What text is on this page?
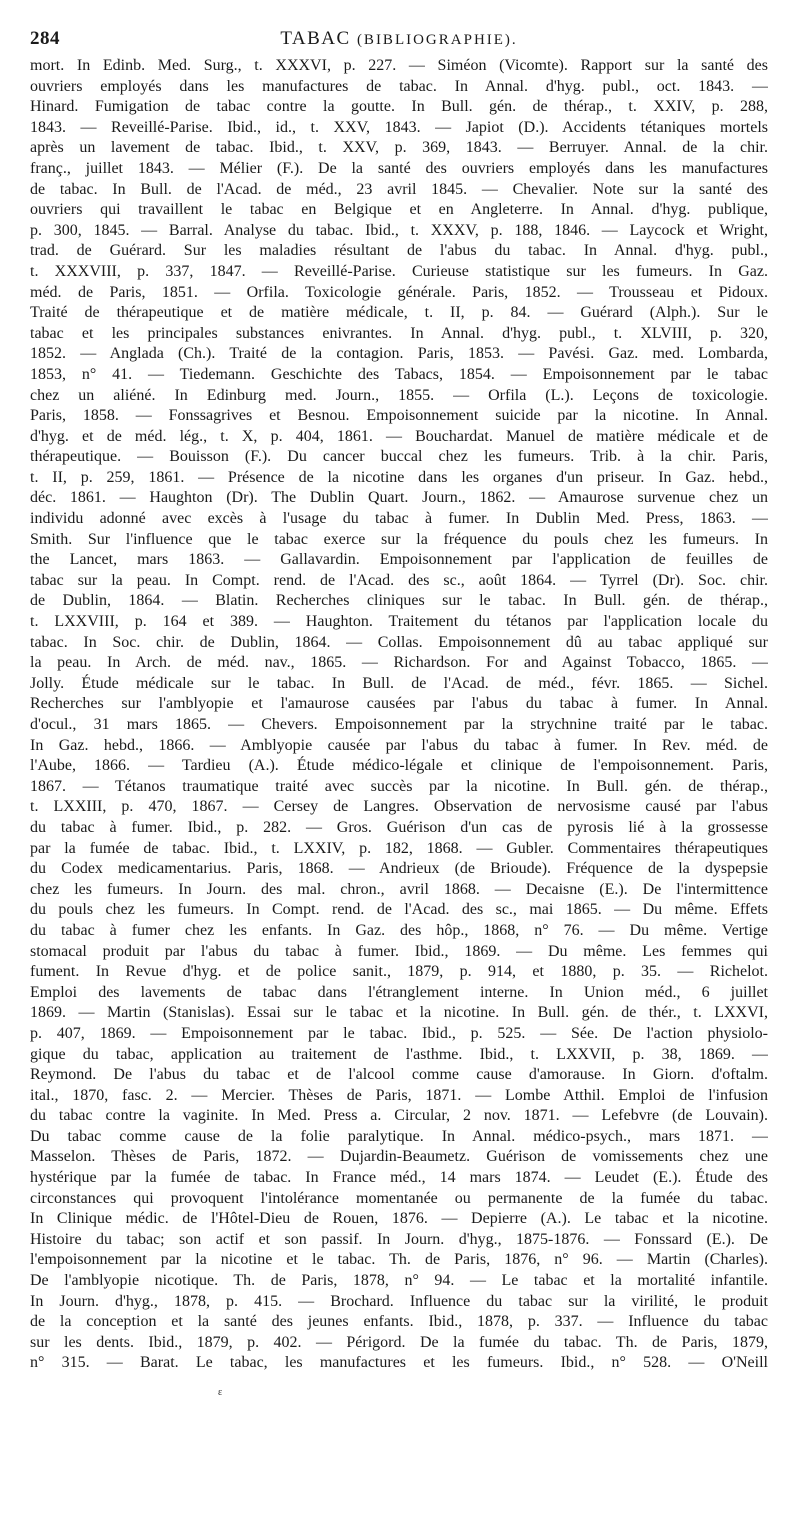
284	TABAC (BIBLIOGRAPHIE).
mort. In Edinb. Med. Surg., t. XXXVI, p. 227. — Siméon (Vicomte). Rapport sur la santé des
ouvriers employés dans les manufactures de tabac. In Annal. d'hyg. publ., oct. 1843. —
Hinard. Fumigation de tabac contre la goutte. In Bull. gén. de thérap., t. XXIV, p. 288,
1843. — Reveillé-Parise. Ibid., id., t. XXV, 1843. — Japiot (D.). Accidents tétaniques mortels
après un lavement de tabac. Ibid., t. XXV, p. 369, 1843. — Berruyer. Annal. de la chir.
franç., juillet 1843. — Mélier (F.). De la santé des ouvriers employés dans les manufactures
de tabac. In Bull. de l'Acad. de méd., 23 avril 1845. — Chevalier. Note sur la santé des
ouvriers qui travaillent le tabac en Belgique et en Angleterre. In Annal. d'hyg. publique,
p. 300, 1845. — Barral. Analyse du tabac. Ibid., t. XXXV, p. 188, 1846. — Laycock et Wright,
trad. de Guérard. Sur les maladies résultant de l'abus du tabac. In Annal. d'hyg. publ.,
t. XXXVIII, p. 337, 1847. — Reveillé-Parise. Curieuse statistique sur les fumeurs. In Gaz.
méd. de Paris, 1851. — Orfila. Toxicologie générale. Paris, 1852. — Trousseau et Pidoux.
Traité de thérapeutique et de matière médicale, t. II, p. 84. — Guérard (Alph.). Sur le
tabac et les principales substances enivrantes. In Annal. d'hyg. publ., t. XLVIII, p. 320,
1852. — Anglada (Ch.). Traité de la contagion. Paris, 1853. — Pavési. Gaz. med. Lombarda,
1853, n° 41. — Tiedemann. Geschichte des Tabacs, 1854. — Empoisonnement par le tabac
chez un aliéné. In Edinburg med. Journ., 1855. — Orfila (L.). Leçons de toxicologie.
Paris, 1858. — Fonssagrives et Besnou. Empoisonnement suicide par la nicotine. In Annal.
d'hyg. et de méd. lég., t. X, p. 404, 1861. — Bouchardat. Manuel de matière médicale et de
thérapeutique. — Bouisson (F.). Du cancer buccal chez les fumeurs. Trib. à la chir. Paris,
t. II, p. 259, 1861. — Présence de la nicotine dans les organes d'un priseur. In Gaz. hebd.,
déc. 1861. — Haughton (Dr). The Dublin Quart. Journ., 1862. — Amaurose survenue chez un
individu adonné avec excès à l'usage du tabac à fumer. In Dublin Med. Press, 1863. —
Smith. Sur l'influence que le tabac exerce sur la fréquence du pouls chez les fumeurs. In
the Lancet, mars 1863. — Gallavardin. Empoisonnement par l'application de feuilles de
tabac sur la peau. In Compt. rend. de l'Acad. des sc., août 1864. — Tyrrel (Dr). Soc. chir.
de Dublin, 1864. — Blatin. Recherches cliniques sur le tabac. In Bull. gén. de thérap.,
t. LXXVIII, p. 164 et 389. — Haughton. Traitement du tétanos par l'application locale du
tabac. In Soc. chir. de Dublin, 1864. — Collas. Empoisonnement dû au tabac appliqué sur
la peau. In Arch. de méd. nav., 1865. — Richardson. For and Against Tobacco, 1865. —
Jolly. Étude médicale sur le tabac. In Bull. de l'Acad. de méd., févr. 1865. — Sichel.
Recherches sur l'amblyopie et l'amaurose causées par l'abus du tabac à fumer. In Annal.
d'ocul., 31 mars 1865. — Chevers. Empoisonnement par la strychnine traité par le tabac.
In Gaz. hebd., 1866. — Amblyopie causée par l'abus du tabac à fumer. In Rev. méd. de
l'Aube, 1866. — Tardieu (A.). Étude médico-légale et clinique de l'empoisonnement. Paris,
1867. — Tétanos traumatique traité avec succès par la nicotine. In Bull. gén. de thérap.,
t. LXXIII, p. 470, 1867. — Cersey de Langres. Observation de nervosisme causé par l'abus
du tabac à fumer. Ibid., p. 282. — Gros. Guérison d'un cas de pyrosis lié à la grossesse
par la fumée de tabac. Ibid., t. LXXIV, p. 182, 1868. — Gubler. Commentaires thérapeutiques
du Codex medicamentarius. Paris, 1868. — Andrieux (de Brioude). Fréquence de la dyspepsie
chez les fumeurs. In Journ. des mal. chron., avril 1868. — Decaisne (E.). De l'intermittence
du pouls chez les fumeurs. In Compt. rend. de l'Acad. des sc., mai 1865. — Du même. Effets
du tabac à fumer chez les enfants. In Gaz. des hôp., 1868, n° 76. — Du même. Vertige
stomacal produit par l'abus du tabac à fumer. Ibid., 1869. — Du même. Les femmes qui
fument. In Revue d'hyg. et de police sanit., 1879, p. 914, et 1880, p. 35. — Richelot.
Emploi des lavements de tabac dans l'étranglement interne. In Union méd., 6 juillet
1869. — Martin (Stanislas). Essai sur le tabac et la nicotine. In Bull. gén. de thér., t. LXXVI,
p. 407, 1869. — Empoisonnement par le tabac. Ibid., p. 525. — Sée. De l'action physiolo-
gique du tabac, application au traitement de l'asthme. Ibid., t. LXXVII, p. 38, 1869. —
Reymond. De l'abus du tabac et de l'alcool comme cause d'amorause. In Giorn. d'oftalm.
ital., 1870, fasc. 2. — Mercier. Thèses de Paris, 1871. — Lombe Atthil. Emploi de l'infusion
du tabac contre la vaginite. In Med. Press a. Circular, 2 nov. 1871. — Lefebvre (de Louvain).
Du tabac comme cause de la folie paralytique. In Annal. médico-psych., mars 1871. —
Masselon. Thèses de Paris, 1872. — Dujardin-Beaumetz. Guérison de vomissements chez une
hystérique par la fumée de tabac. In France méd., 14 mars 1874. — Leudet (E.). Étude des
circonstances qui provoquent l'intolérance momentanée ou permanente de la fumée du tabac.
In Clinique médic. de l'Hôtel-Dieu de Rouen, 1876. — Depierre (A.). Le tabac et la nicotine.
Histoire du tabac; son actif et son passif. In Journ. d'hyg., 1875-1876. — Fonssard (E.). De
l'empoisonnement par la nicotine et le tabac. Th. de Paris, 1876, n° 96. — Martin (Charles).
De l'amblyopie nicotique. Th. de Paris, 1878, n° 94. — Le tabac et la mortalité infantile.
In Journ. d'hyg., 1878, p. 415. — Brochard. Influence du tabac sur la virilité, le produit
de la conception et la santé des jeunes enfants. Ibid., 1878, p. 337. — Influence du tabac
sur les dents. Ibid., 1879, p. 402. — Périgord. De la fumée du tabac. Th. de Paris, 1879,
n° 315. — Barat. Le tabac, les manufactures et les fumeurs. Ibid., n° 528. — O'Neill
ɛ
